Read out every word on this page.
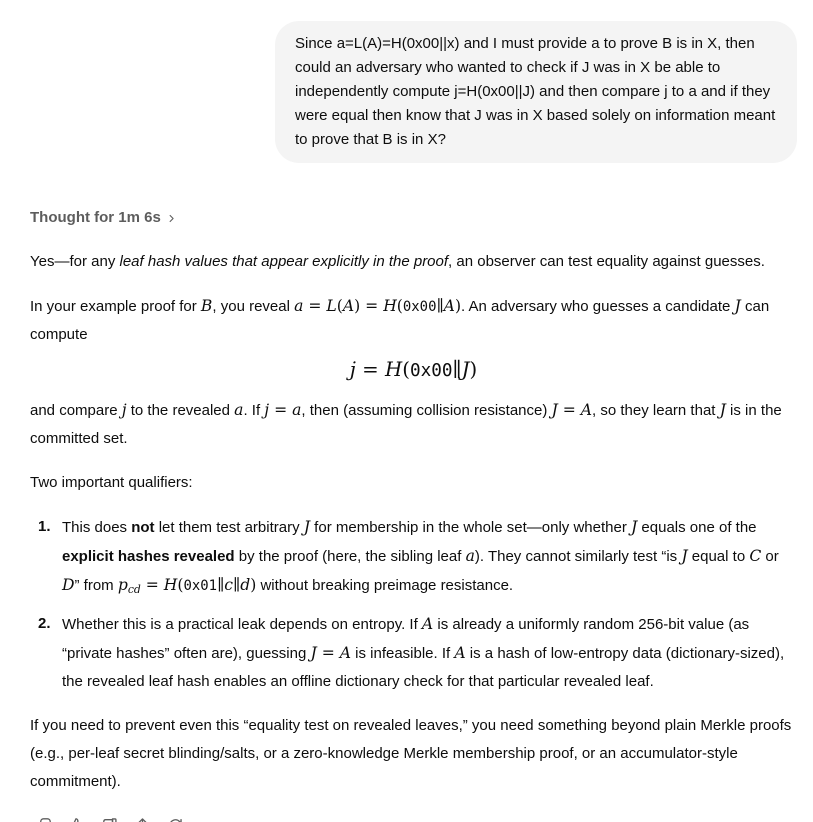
Since a=L(A)=H(0x00||x) and I must provide a to prove B is in X, then could an adversary who wanted to check if J was in X be able to independently compute j=H(0x00||J) and then compare j to a and if they were equal then know that J was in X based solely on information meant to prove that B is in X?
Thought for 1m 6s

Yes—for any leaf hash values that appear explicitly in the proof, an observer can test equality against guesses.

In your example proof for B, you reveal a = L(A) = H(0x00∥A). An adversary who guesses a candidate J can compute

j = H(0x00∥J)

and compare j to the revealed a. If j = a, then (assuming collision resistance) J = A, so they learn that J is in the committed set.

Two important qualifiers:

This does not let them test arbitrary J for membership in the whole set—only whether J equals one of the explicit hashes revealed by the proof (here, the sibling leaf a). They cannot similarly test “is J equal to C or D” from $p_{cd}$ = H(0x01∥c∥d) without breaking preimage resistance.
Whether this is a practical leak depends on entropy. If A is already a uniformly random 256-bit value (as “private hashes” often are), guessing J = A is infeasible. If A is a hash of low-entropy data (dictionary-sized), the revealed leaf hash enables an offline dictionary check for that particular revealed leaf.

If you need to prevent even this “equality test on revealed leaves,” you need something beyond plain Merkle proofs (e.g., per-leaf secret blinding/salts, or a zero-knowledge Merkle membership proof, or an accumulator-style commitment).
